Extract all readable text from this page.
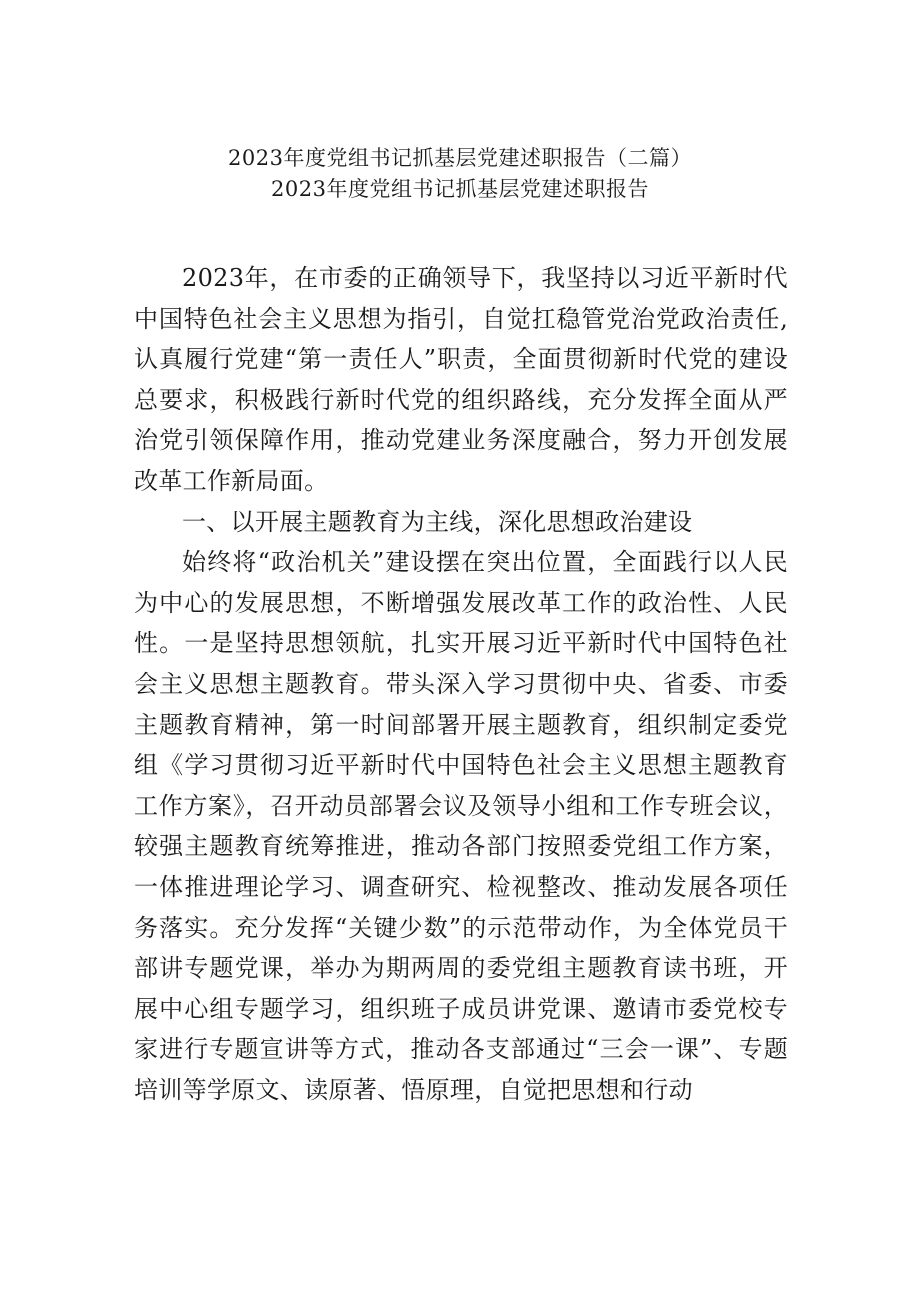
2023年度党组书记抓基层党建述职报告（二篇）
2023年度党组书记抓基层党建述职报告

2023年，在市委的正确领导下，我坚持以习近平新时代中国特色社会主义思想为指引，自觉扛稳管党治党政治责任,认真履行党建“第一责任人”职责，全面贯彻新时代党的建设总要求，积极践行新时代党的组织路线，充分发挥全面从严治党引领保障作用，推动党建业务深度融合，努力开创发展改革工作新局面。

一、以开展主题教育为主线，深化思想政治建设

始终将“政治机关”建设摆在突出位置，全面践行以人民为中心的发展思想，不断增强发展改革工作的政治性、人民性。一是坚持思想领航，扎实开展习近平新时代中国特色社会主义思想主题教育。带头深入学习贯彻中央、省委、市委主题教育精神，第一时间部署开展主题教育，组织制定委党组《学习贯彻习近平新时代中国特色社会主义思想主题教育工作方案》，召开动员部署会议及领导小组和工作专班会议，较强主题教育统筹推进，推动各部门按照委党组工作方案，一体推进理论学习、调查研究、检视整改、推动发展各项任务落实。充分发挥“关键少数”的示范带动作，为全体党员干部讲专题党课，举办为期两周的委党组主题教育读书班，开展中心组专题学习，组织班子成员讲党课、邀请市委党校专家进行专题宣讲等方式，推动各支部通过“三会一课”、专题培训等学原文、读原著、悟原理，自觉把思想和行动
